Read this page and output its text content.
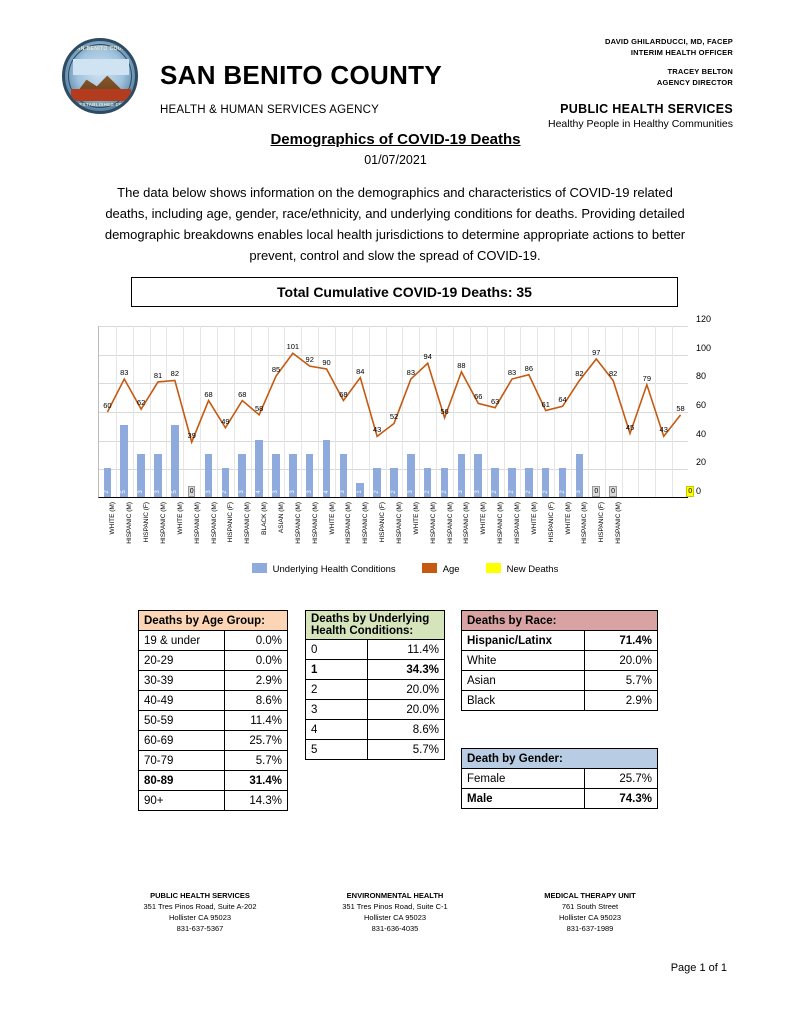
SAN BENITO COUNTY
ESTABLISHED 1874
SAN BENITO COUNTY
HEALTH & HUMAN SERVICES AGENCY
DAVID GHILARDUCCI, MD, FACEP
INTERIM HEALTH OFFICER
TRACEY BELTON
AGENCY DIRECTOR
PUBLIC HEALTH SERVICES
Healthy People in Healthy Communities
Demographics of COVID-19 Deaths
01/07/2021
The data below shows information on the demographics and characteristics of COVID-19 related deaths, including age, gender, race/ethnicity, and underlying conditions for deaths. Providing detailed demographic breakdowns enables local health jurisdictions to determine appropriate actions to better prevent, control and slow the spread of COVID-19.
Total Cumulative COVID-19 Deaths: 35
2 5 3 3 5 0	3 2 3 4 3 3 3 4 3 1 2 2 3 2 2 3 3 2 2 2 2 2 3 0 0	0
60
83
62
81 82
39
68
49
68
58
85
101
92 90
68
84
43
52
83
94
56
88
66 63
83 86
61 64
82
97
82
45
79
43
58
0
20
40
60
80
100
120
WHITE (M) HISPANIC (M) HISPANIC (F) HISPANIC (M) WHITE (M) HISPANIC (M) HISPANIC (M) HISPANIC (F) HISPANIC (M) BLACK (M) ASIAN (M) HISPANIC (M) HISPANIC (M) WHITE (M) HISPANIC (M) HISPANIC (M) HISPANIC (F) HISPANIC (M) WHITE (M) HISPANIC (M) HISPANIC (M) HISPANIC (M) WHITE (M) HISPANIC (M) HISPANIC (M) WHITE (M) HISPANIC (F) WHITE (M) HISPANIC (M) HISPANIC (F) HISPANIC (M)
Underlying Health Conditions	Age	New Deaths
Deaths by Age Group:	
19 & under	0.0%
20-29	0.0%
30-39	2.9%
40-49	8.6%
50-59	11.4%
60-69	25.7%
70-79	5.7%
80-89	31.4%
90+	14.3%
Deaths by Underlying Health Conditions:	
0	11.4%
1	34.3%
2	20.0%
3	20.0%
4	8.6%
5	5.7%
Deaths by Race:	
Hispanic/Latinx	71.4%
White	20.0%
Asian	5.7%
Black	2.9%
Death by Gender:	
Female	25.7%
Male	74.3%
PUBLIC HEALTH SERVICES
351 Tres Pinos Road, Suite A-202
Hollister CA 95023
831-637-5367
ENVIRONMENTAL HEALTH
351 Tres Pinos Road, Suite C-1
Hollister CA 95023
831-636-4035
MEDICAL THERAPY UNIT
761 South Street
Hollister CA 95023
831-637-1989
Page 1 of 1
